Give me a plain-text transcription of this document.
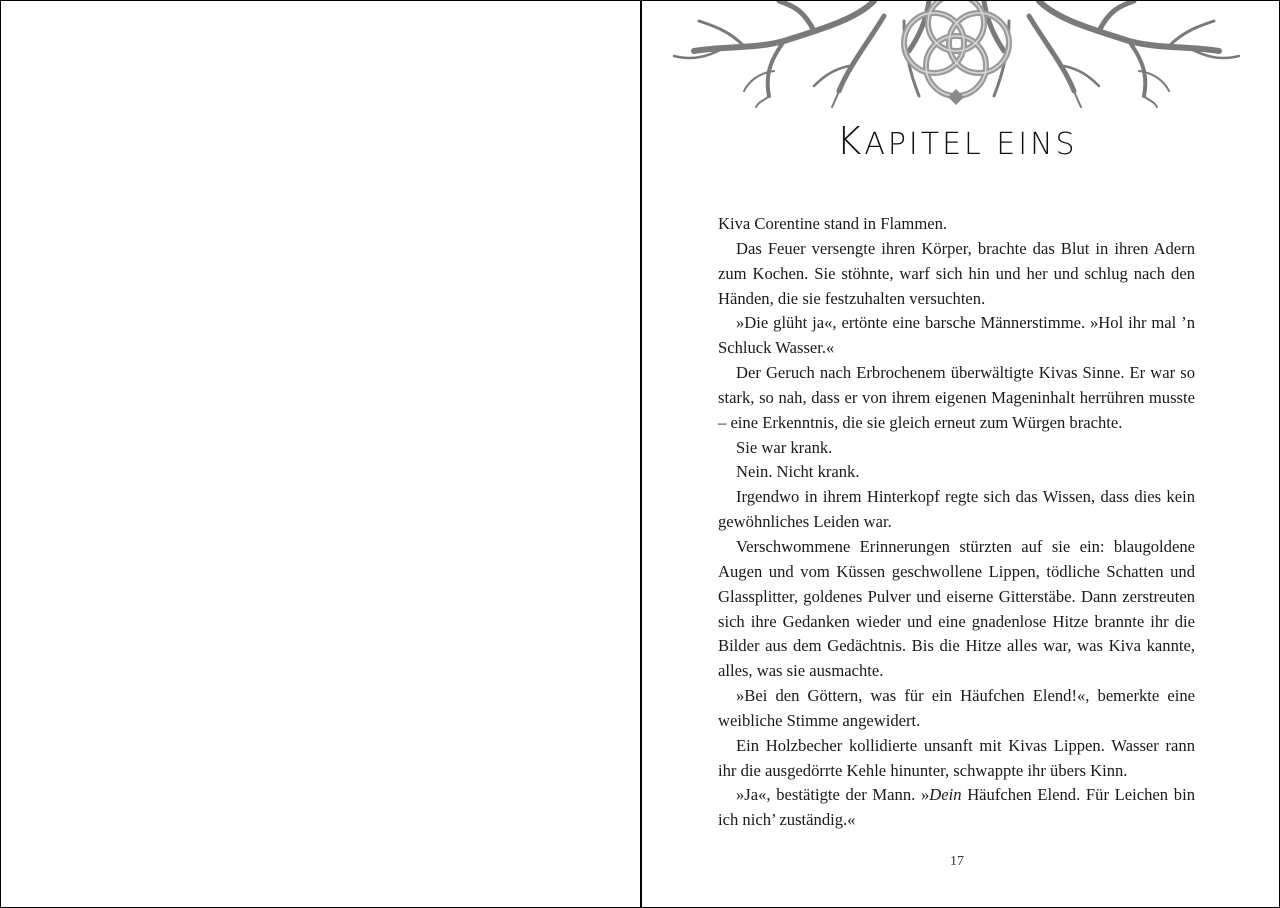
KAPITEL EINS

Kiva Corentine stand in Flammen.

Das Feuer versengte ihren Körper, brachte das Blut in ihren Adern zum Kochen. Sie stöhnte, warf sich hin und her und schlug nach den Händen, die sie festzuhalten versuchten.

»Die glüht ja«, ertönte eine barsche Männerstimme. »Hol ihr mal ’n Schluck Wasser.«

Der Geruch nach Erbrochenem überwältigte Kivas Sinne. Er war so stark, so nah, dass er von ihrem eigenen Mageninhalt herrühren musste – eine Erkenntnis, die sie gleich erneut zum Würgen brachte.

Sie war krank.

Nein. Nicht krank.

Irgendwo in ihrem Hinterkopf regte sich das Wissen, dass dies kein gewöhnliches Leiden war.

Verschwommene Erinnerungen stürzten auf sie ein: blaugoldene Augen und vom Küssen geschwollene Lippen, tödliche Schatten und Glassplitter, goldenes Pulver und eiserne Gitterstäbe. Dann zerstreuten sich ihre Gedanken wieder und eine gnadenlose Hitze brannte ihr die Bilder aus dem Gedächtnis. Bis die Hitze alles war, was Kiva kannte, alles, was sie ausmachte.

»Bei den Göttern, was für ein Häufchen Elend!«, bemerkte eine weibliche Stimme angewidert.

Ein Holzbecher kollidierte unsanft mit Kivas Lippen. Wasser rann ihr die ausgedörrte Kehle hinunter, schwappte ihr übers Kinn.

»Ja«, bestätigte der Mann. »Dein Häufchen Elend. Für Leichen bin ich nich’ zuständig.«

17
